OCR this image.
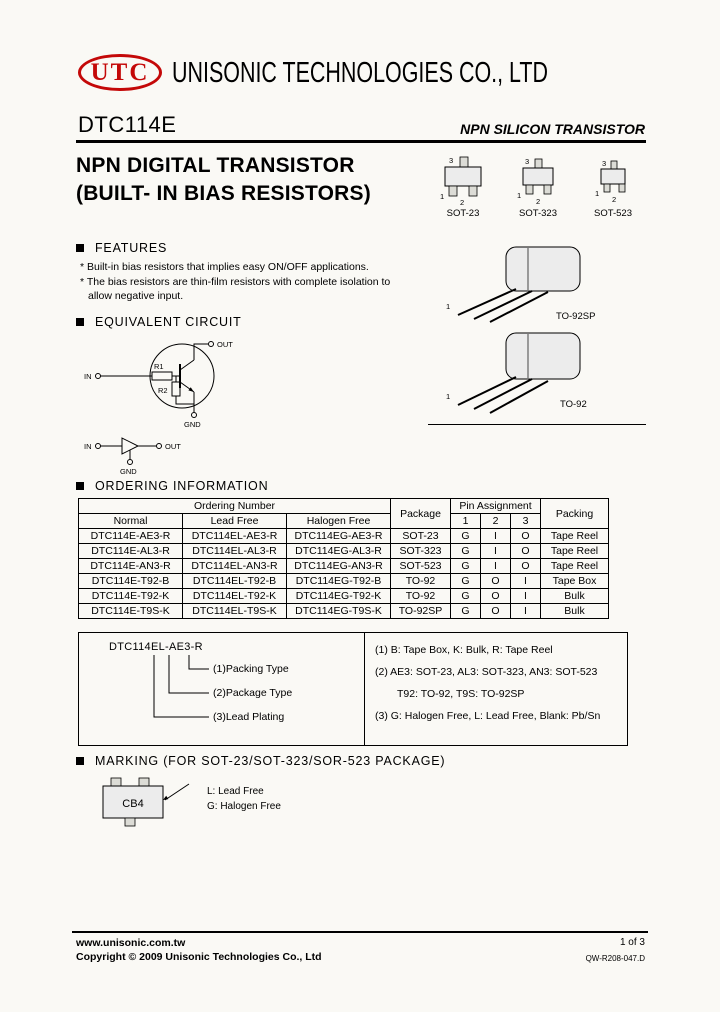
UTC UNISONIC TECHNOLOGIES CO., LTD
DTC114E	NPN SILICON TRANSISTOR
NPN DIGITAL TRANSISTOR
(BUILT- IN BIAS RESISTORS)
3
1
2
SOT-23
3
1
2
SOT-323
3
1
2
SOT-523
1
TO-92SP
1
TO-92
FEATURES
* Built-in bias resistors that implies easy ON/OFF applications.
* The bias resistors are thin-film resistors with complete isolation to
allow negative input.
EQUIVALENT CIRCUIT
IN
OUT
GND
R1
R2
IN	OUT
GND
ORDERING INFORMATION
Ordering Number			Package	Pin Assignment			Packing
Normal	Lead Free	Halogen Free		1	2	3	
DTC114E-AE3-R	DTC114EL-AE3-R	DTC114EG-AE3-R	SOT-23	G	I	O	Tape Reel
DTC114E-AL3-R	DTC114EL-AL3-R	DTC114EG-AL3-R	SOT-323	G	I	O	Tape Reel
DTC114E-AN3-R	DTC114EL-AN3-R	DTC114EG-AN3-R	SOT-523	G	I	O	Tape Reel
DTC114E-T92-B	DTC114EL-T92-B	DTC114EG-T92-B	TO-92	G	O	I	Tape Box
DTC114E-T92-K	DTC114EL-T92-K	DTC114EG-T92-K	TO-92	G	O	I	Bulk
DTC114E-T9S-K	DTC114EL-T9S-K	DTC114EG-T9S-K	TO-92SP	G	O	I	Bulk
DTC114EL-AE3-R
(1)Packing Type
(2)Package Type
(3)Lead Plating
(1) B: Tape Box, K: Bulk, R: Tape Reel
(2) AE3: SOT-23, AL3: SOT-323, AN3: SOT-523
T92: TO-92, T9S: TO-92SP
(3) G: Halogen Free, L: Lead Free, Blank: Pb/Sn
MARKING (FOR SOT-23/SOT-323/SOR-523 PACKAGE)
CB4
L: Lead Free
G: Halogen Free
www.unisonic.com.tw	1 of 3
Copyright © 2009 Unisonic Technologies Co., Ltd	QW-R208-047.D
